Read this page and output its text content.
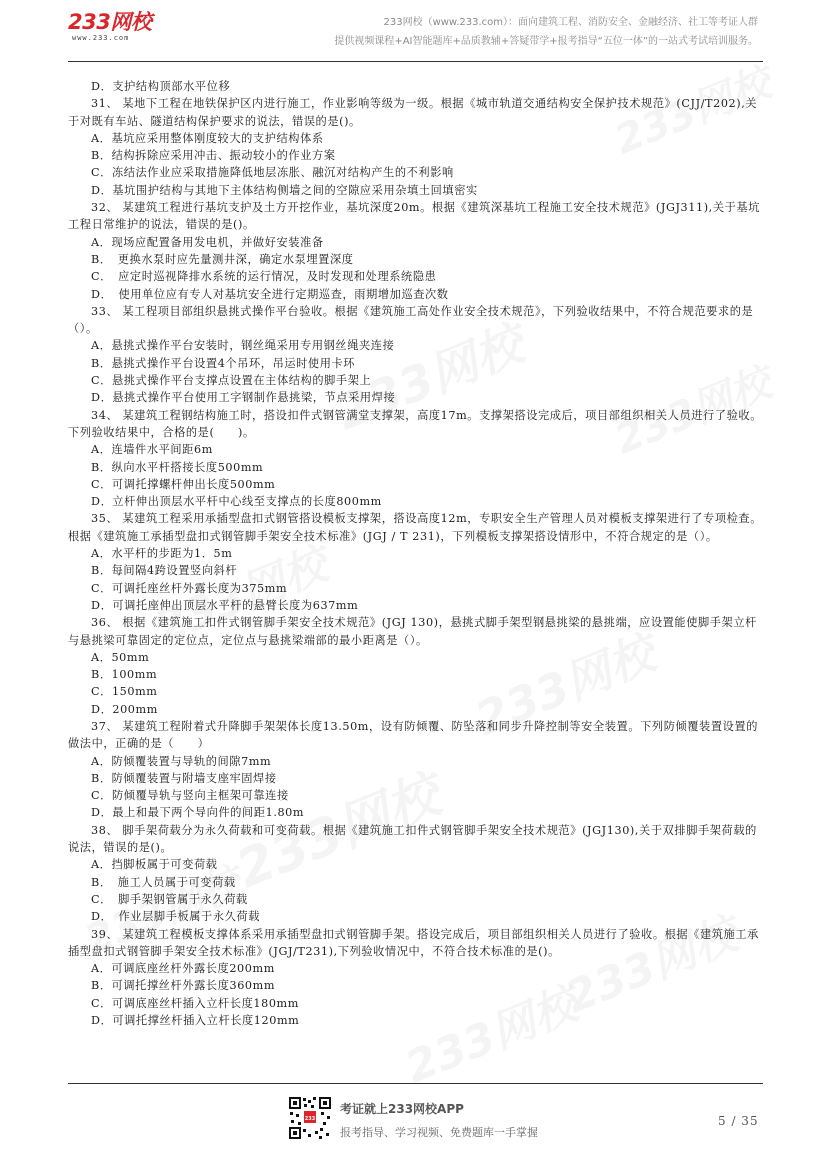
233网校
www.233.com
233网校（www.233.com）：面向建筑工程、消防安全、金融经济、社工等考证人群
提供视频课程+AI智能题库+品质教辅+答疑带学+报考指导“五位一体”的一站式考试培训服务。

D．支护结构顶部水平位移

31、 某地下工程在地铁保护区内进行施工，作业影响等级为一级。根据《城市轨道交通结构安全保护技术规范》(CJJ/T202),关于对既有车站、隧道结构保护要求的说法，错误的是()。

A．基坑应采用整体刚度较大的支护结构体系

B．结构拆除应采用冲击、振动较小的作业方案

C．冻结法作业应采取措施降低地层冻胀、融沉对结构产生的不利影响

D．基坑围护结构与其地下主体结构侧墙之间的空隙应采用杂填土回填密实

32、 某建筑工程进行基坑支护及土方开挖作业，基坑深度20m。根据《建筑深基坑工程施工安全技术规范》(JGJ311),关于基坑工程日常维护的说法，错误的是()。

A．现场应配置备用发电机，并做好安装准备

B．　更换水泵时应先量测井深，确定水泵埋置深度

C．　应定时巡视降排水系统的运行情况，及时发现和处理系统隐患

D．　使用单位应有专人对基坑安全进行定期巡查，雨期增加巡查次数

33、 某工程项目部组织悬挑式操作平台验收。根据《建筑施工高处作业安全技术规范》，下列验收结果中，不符合规范要求的是（）。

A．悬挑式操作平台安装时，钢丝绳采用专用钢丝绳夹连接

B．悬挑式操作平台设置4个吊环，吊运时使用卡环

C．悬挑式操作平台支撑点设置在主体结构的脚手架上

D．悬挑式操作平台使用工字钢制作悬挑梁，节点采用焊接

34、 某建筑工程钢结构施工时，搭设扣件式钢管满堂支撑架，高度17m。支撑架搭设完成后，项目部组织相关人员进行了验收。下列验收结果中，合格的是(　　)。

A．连墙件水平间距6m

B．纵向水平杆搭接长度500mm

C．可调托撑螺杆伸出长度500mm

D．立杆伸出顶层水平杆中心线至支撑点的长度800mm

35、 某建筑工程采用承插型盘扣式钢管搭设模板支撑架，搭设高度12m，专职安全生产管理人员对模板支撑架进行了专项检查。根据《建筑施工承插型盘扣式钢管脚手架安全技术标准》(JGJ / T 231)，下列模板支撑架搭设情形中，不符合规定的是（）。

A．水平杆的步距为1．5m

B．每间隔4跨设置竖向斜杆

C．可调托座丝杆外露长度为375mm

D．可调托座伸出顶层水平杆的悬臂长度为637mm

36、 根据《建筑施工扣件式钢管脚手架安全技术规范》(JGJ 130)，悬挑式脚手架型钢悬挑梁的悬挑端，应设置能使脚手架立杆与悬挑梁可靠固定的定位点，定位点与悬挑梁端部的最小距离是（）。

A．50mm

B．100mm

C．150mm

D．200mm

37、 某建筑工程附着式升降脚手架架体长度13.50m，设有防倾覆、防坠落和同步升降控制等安全装置。下列防倾覆装置设置的做法中，正确的是（　　）

A．防倾覆装置与导轨的间隙7mm

B．防倾覆装置与附墙支座牢固焊接

C．防倾覆导轨与竖向主框架可靠连接

D．最上和最下两个导向件的间距1.80m

38、 脚手架荷载分为永久荷载和可变荷载。根据《建筑施工扣件式钢管脚手架安全技术规范》(JGJ130),关于双排脚手架荷载的说法，错误的是()。

A．挡脚板属于可变荷载

B．　施工人员属于可变荷载

C．　脚手架钢管属于永久荷载

D．　作业层脚手板属于永久荷载

39、 某建筑工程模板支撑体系采用承插型盘扣式钢管脚手架。搭设完成后，项目部组织相关人员进行了验收。根据《建筑施工承插型盘扣式钢管脚手架安全技术标准》(JGJ/T231),下列验收情况中，不符合技术标准的是()。

A．可调底座丝杆外露长度200mm

B．可调托撑丝杆外露长度360mm

C．可调底座丝杆插入立杆长度180mm

D．可调托撑丝杆插入立杆长度120mm

233
考证就上233网校APP
报考指导、学习视频、免费题库一手掌握
5 / 35
